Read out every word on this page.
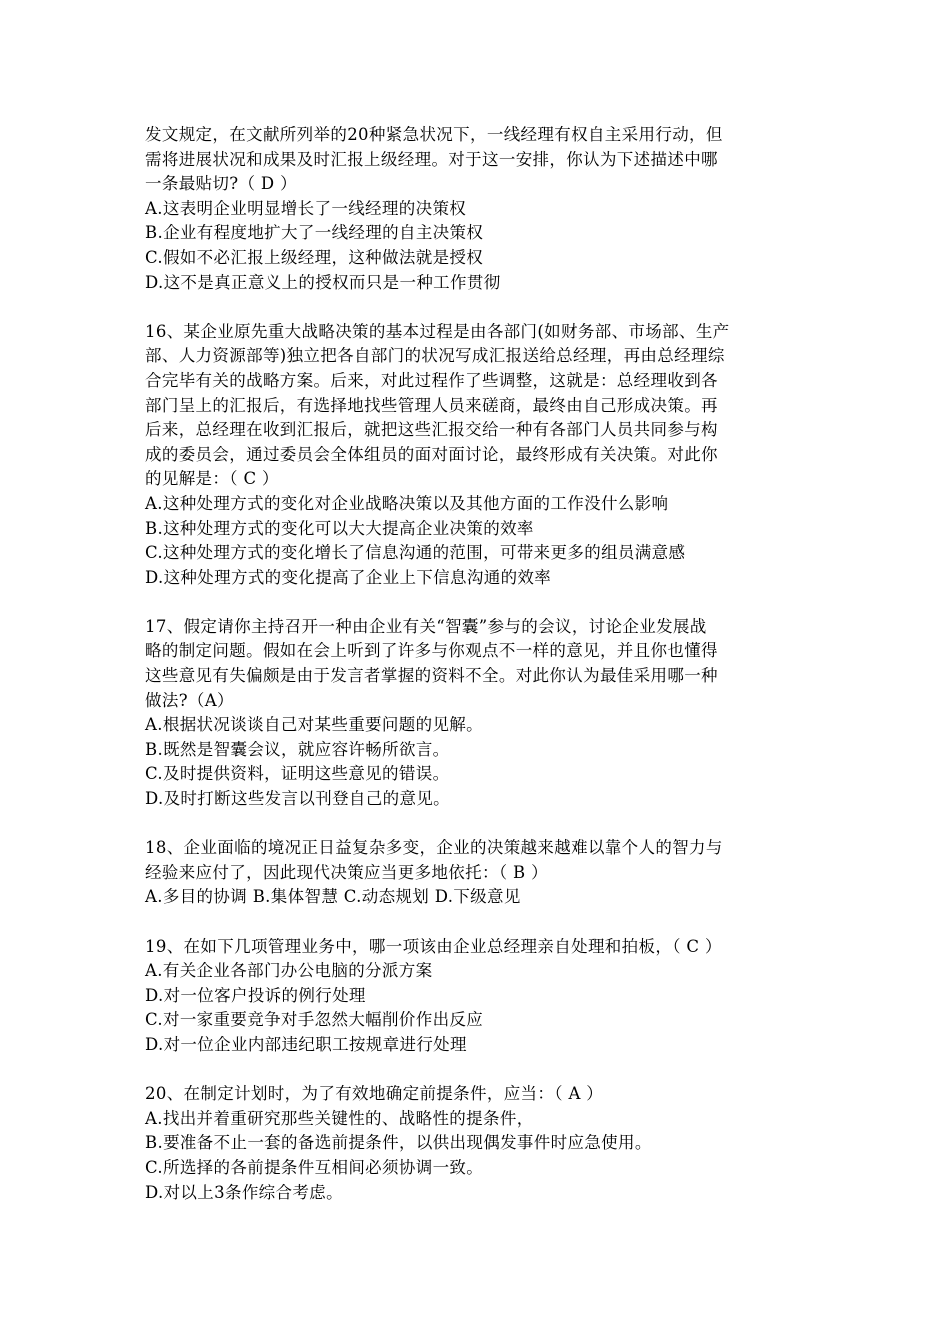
发文规定，在文献所列举的20种紧急状况下，一线经理有权自主采用行动，但
需将进展状况和成果及时汇报上级经理。对于这一安排，你认为下述描述中哪
一条最贴切?（ D ）
A.这表明企业明显增长了一线经理的决策权
B.企业有程度地扩大了一线经理的自主决策权
C.假如不必汇报上级经理，这种做法就是授权
D.这不是真正意义上的授权而只是一种工作贯彻
16、某企业原先重大战略决策的基本过程是由各部门(如财务部、市场部、生产
部、人力资源部等)独立把各自部门的状况写成汇报送给总经理，再由总经理综
合完毕有关的战略方案。后来，对此过程作了些调整，这就是：总经理收到各
部门呈上的汇报后，有选择地找些管理人员来磋商，最终由自己形成决策。再
后来，总经理在收到汇报后，就把这些汇报交给一种有各部门人员共同参与构
成的委员会，通过委员会全体组员的面对面讨论，最终形成有关决策。对此你
的见解是：（ C ）
A.这种处理方式的变化对企业战略决策以及其他方面的工作没什么影响
B.这种处理方式的变化可以大大提高企业决策的效率
C.这种处理方式的变化增长了信息沟通的范围，可带来更多的组员满意感
D.这种处理方式的变化提高了企业上下信息沟通的效率
17、假定请你主持召开一种由企业有关“智囊”参与的会议，讨论企业发展战
略的制定问题。假如在会上听到了许多与你观点不一样的意见，并且你也懂得
这些意见有失偏颇是由于发言者掌握的资料不全。对此你认为最佳采用哪一种
做法?（A）
A.根据状况谈谈自己对某些重要问题的见解。
B.既然是智囊会议，就应容许畅所欲言。
C.及时提供资料，证明这些意见的错误。
D.及时打断这些发言以刊登自己的意见。
18、企业面临的境况正日益复杂多变，企业的决策越来越难以靠个人的智力与
经验来应付了，因此现代决策应当更多地依托：（ B ）
A.多目的协调 B.集体智慧 C.动态规划 D.下级意见
19、在如下几项管理业务中，哪一项该由企业总经理亲自处理和拍板，（ C ）
A.有关企业各部门办公电脑的分派方案
D.对一位客户投诉的例行处理
C.对一家重要竞争对手忽然大幅削价作出反应
D.对一位企业内部违纪职工按规章进行处理
20、在制定计划时，为了有效地确定前提条件，应当：（ A ）
A.找出并着重研究那些关键性的、战略性的提条件，
B.要准备不止一套的备选前提条件，以供出现偶发事件时应急使用。
C.所选择的各前提条件互相间必须协调一致。
D.对以上3条作综合考虑。
